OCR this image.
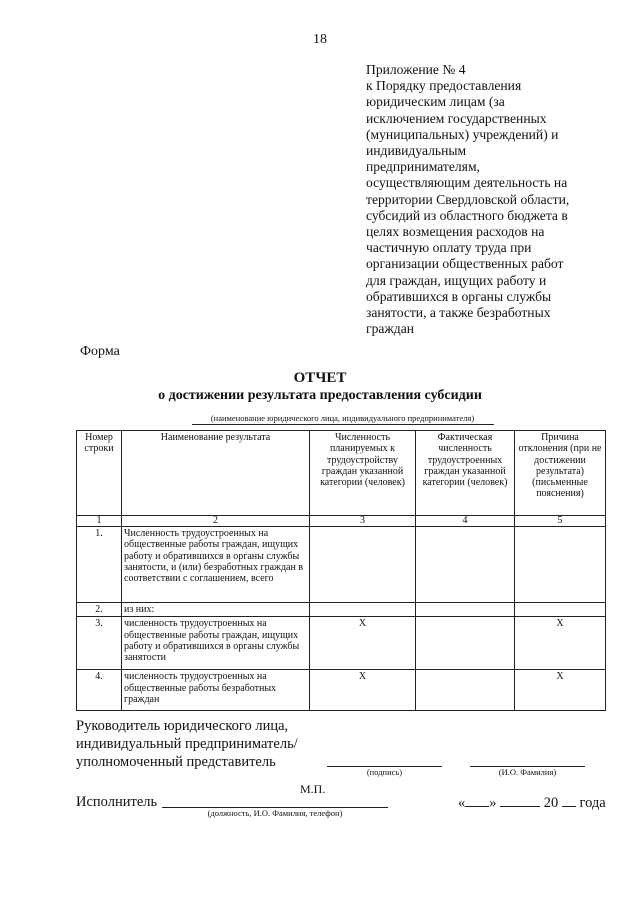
18
Приложение № 4
к Порядку предоставления
юридическим лицам (за
исключением государственных
(муниципальных) учреждений) и
индивидуальным
предпринимателям,
осуществляющим деятельность на
территории Свердловской области,
субсидий из областного бюджета в
целях возмещения расходов на
частичную оплату труда при
организации общественных работ
для граждан, ищущих работу и
обратившихся в органы службы
занятости, а также безработных
граждан
Форма
ОТЧЕТ
о достижении результата предоставления субсидии
(наименование юридического лица, индивидуального предпринимателя)
Номер строки	Наименование результата	Численность планируемых к трудоустройству граждан указанной категории (человек)	Фактическая численность трудоустроенных граждан указанной категории (человек)	Причина отклонения (при не достижении результата) (письменные пояснения)
1	2	3	4	5
1.	Численность трудоустроенных на общественные работы граждан, ищущих работу и обратившихся в органы службы занятости, и (или) безработных граждан в соответствии с соглашением, всего			
2.	из них:			
3.	численность трудоустроенных на общественные работы граждан, ищущих работу и обратившихся в органы службы занятости	X		X
4.	численность трудоустроенных на общественные работы безработных граждан	X		X
Руководитель юридического лица,
индивидуальный предприниматель/
уполномоченный представитель
(подпись)	(И.О. Фамилия)
М.П.
Исполнитель
(должность, И.О. Фамилия, телефон)
« »	20 года
